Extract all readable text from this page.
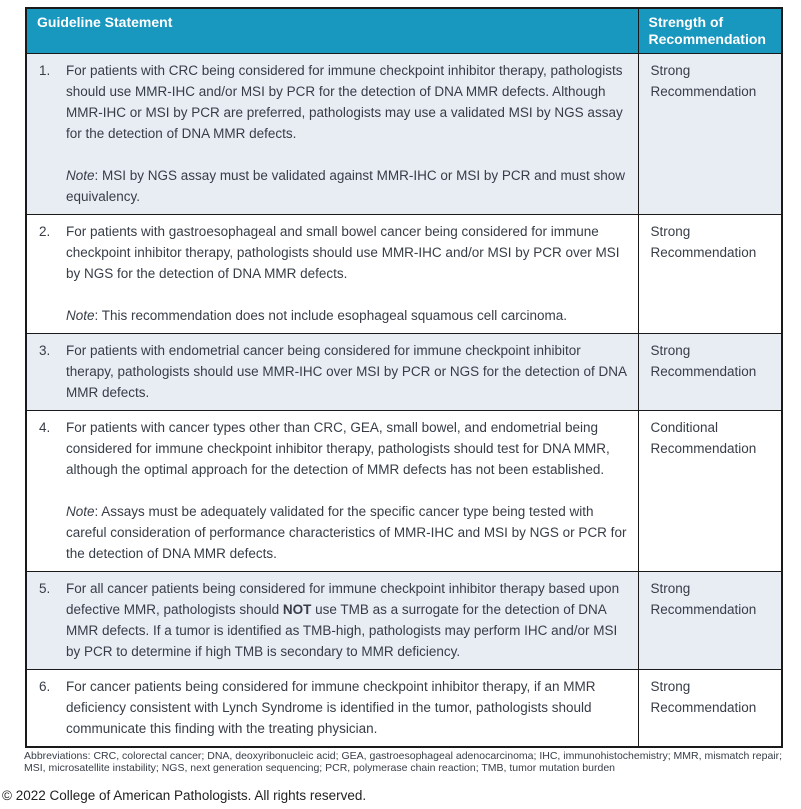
Guideline Statement	Strength of Recommendation

1. For patients with CRC being considered for immune checkpoint inhibitor therapy, pathologists should use MMR-IHC and/or MSI by PCR for the detection of DNA MMR defects. Although MMR-IHC or MSI by PCR are preferred, pathologists may use a validated MSI by NGS assay for the detection of DNA MMR defects.

Note: MSI by NGS assay must be validated against MMR-IHC or MSI by PCR and must show equivalency.	Strong Recommendation

2. For patients with gastroesophageal and small bowel cancer being considered for immune checkpoint inhibitor therapy, pathologists should use MMR-IHC and/or MSI by PCR over MSI by NGS for the detection of DNA MMR defects.

Note: This recommendation does not include esophageal squamous cell carcinoma.	Strong Recommendation

3. For patients with endometrial cancer being considered for immune checkpoint inhibitor therapy, pathologists should use MMR-IHC over MSI by PCR or NGS for the detection of DNA MMR defects.	Strong Recommendation

4. For patients with cancer types other than CRC, GEA, small bowel, and endometrial being considered for immune checkpoint inhibitor therapy, pathologists should test for DNA MMR, although the optimal approach for the detection of MMR defects has not been established.

Note: Assays must be adequately validated for the specific cancer type being tested with careful consideration of performance characteristics of MMR-IHC and MSI by NGS or PCR for the detection of DNA MMR defects.	Conditional Recommendation

5. For all cancer patients being considered for immune checkpoint inhibitor therapy based upon defective MMR, pathologists should NOT use TMB as a surrogate for the detection of DNA MMR defects. If a tumor is identified as TMB-high, pathologists may perform IHC and/or MSI by PCR to determine if high TMB is secondary to MMR deficiency.	Strong Recommendation

6. For cancer patients being considered for immune checkpoint inhibitor therapy, if an MMR deficiency consistent with Lynch Syndrome is identified in the tumor, pathologists should communicate this finding with the treating physician.	Strong Recommendation
Abbreviations: CRC, colorectal cancer; DNA, deoxyribonucleic acid; GEA, gastroesophageal adenocarcinoma; IHC, immunohistochemistry; MMR, mismatch repair; MSI, microsatellite instability; NGS, next generation sequencing; PCR, polymerase chain reaction; TMB, tumor mutation burden
© 2022 College of American Pathologists. All rights reserved.
